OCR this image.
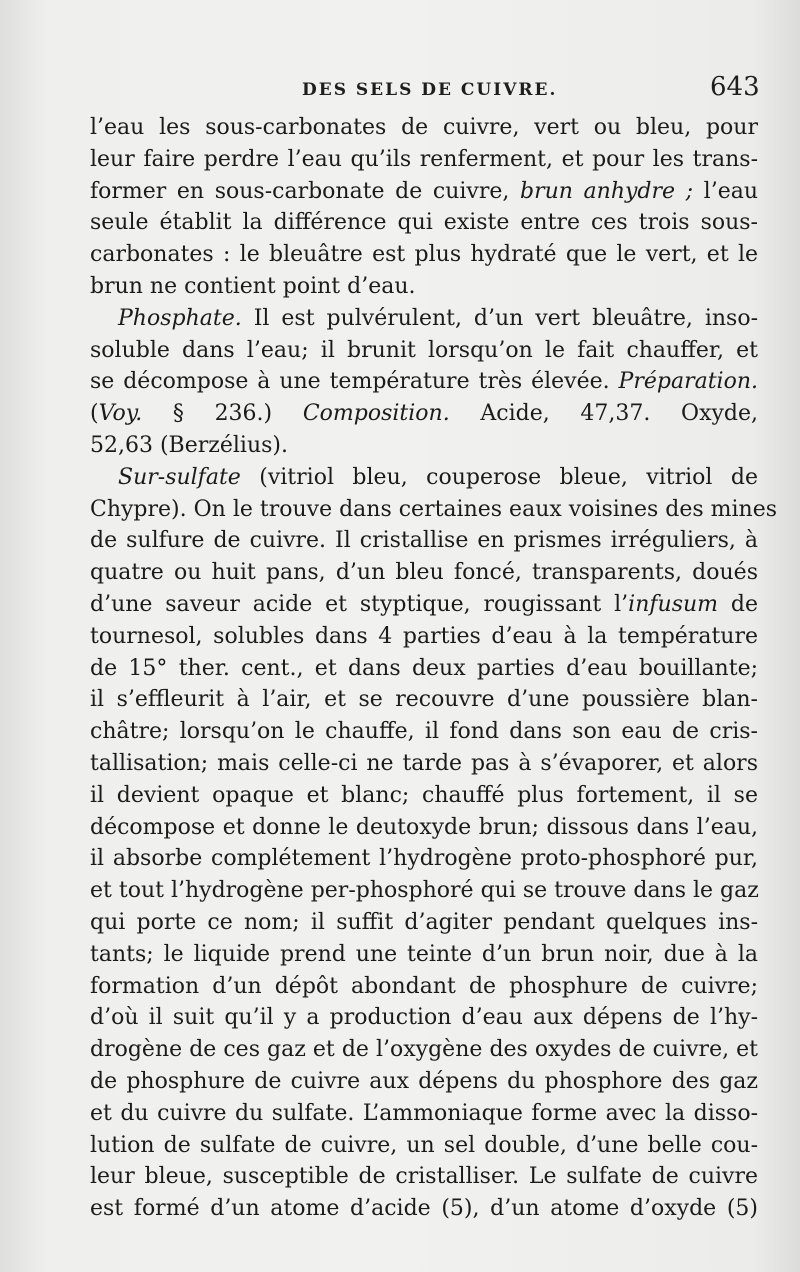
DES SELS DE CUIVRE.	643
l’eau les sous-carbonates de cuivre, vert ou bleu, pour
leur faire perdre l’eau qu’ils renferment, et pour les trans-
former en sous-carbonate de cuivre, brun anhydre ; l’eau
seule établit la différence qui existe entre ces trois sous-
carbonates : le bleuâtre est plus hydraté que le vert, et le
brun ne contient point d’eau.
Phosphate. Il est pulvérulent, d’un vert bleuâtre, inso-
soluble dans l’eau; il brunit lorsqu’on le fait chauffer, et
se décompose à une température très élevée. Préparation.
(Voy. § 236.) Composition. Acide, 47,37. Oxyde,
52,63 (Berzélius).
Sur-sulfate (vitriol bleu, couperose bleue, vitriol de
Chypre). On le trouve dans certaines eaux voisines des mines
de sulfure de cuivre. Il cristallise en prismes irréguliers, à
quatre ou huit pans, d’un bleu foncé, transparents, doués
d’une saveur acide et styptique, rougissant l’infusum de
tournesol, solubles dans 4 parties d’eau à la température
de 15° ther. cent., et dans deux parties d’eau bouillante;
il s’effleurit à l’air, et se recouvre d’une poussière blan-
châtre; lorsqu’on le chauffe, il fond dans son eau de cris-
tallisation; mais celle-ci ne tarde pas à s’évaporer, et alors
il devient opaque et blanc; chauffé plus fortement, il se
décompose et donne le deutoxyde brun; dissous dans l’eau,
il absorbe complétement l’hydrogène proto-phosphoré pur,
et tout l’hydrogène per-phosphoré qui se trouve dans le gaz
qui porte ce nom; il suffit d’agiter pendant quelques ins-
tants; le liquide prend une teinte d’un brun noir, due à la
formation d’un dépôt abondant de phosphure de cuivre;
d’où il suit qu’il y a production d’eau aux dépens de l’hy-
drogène de ces gaz et de l’oxygène des oxydes de cuivre, et
de phosphure de cuivre aux dépens du phosphore des gaz
et du cuivre du sulfate. L’ammoniaque forme avec la disso-
lution de sulfate de cuivre, un sel double, d’une belle cou-
leur bleue, susceptible de cristalliser. Le sulfate de cuivre
est formé d’un atome d’acide (5), d’un atome d’oxyde (5)
